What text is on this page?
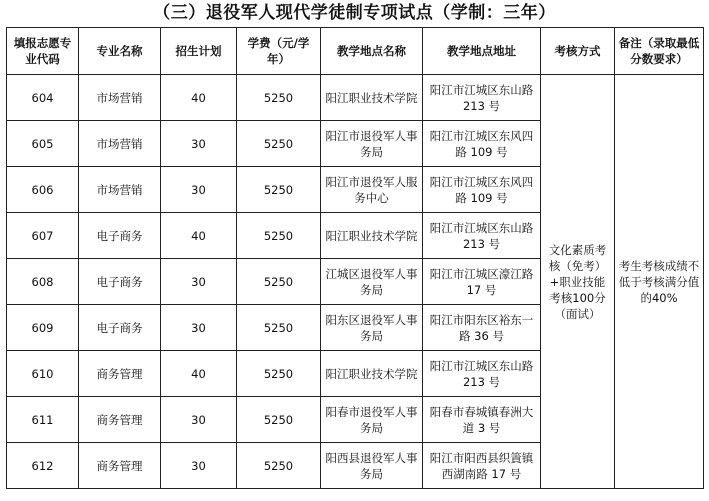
（三）退役军人现代学徒制专项试点（学制：三年）
填报志愿专业代码	专业名称	招生计划	学费（元/学年）	教学地点名称	教学地点地址	考核方式	备注（录取最低分数要求）
604	市场营销	40	5250	阳江职业技术学院	阳江市江城区东山路 213 号	文化素质考核（免考）+职业技能考核100分（面试）	考生考核成绩不低于考核满分值的40%
605	市场营销	30	5250	阳江市退役军人事务局	阳江市江城区东风四路 109 号		
606	市场营销	30	5250	阳江市退役军人服务中心	阳江市江城区东风四路 109 号		
607	电子商务	40	5250	阳江职业技术学院	阳江市江城区东山路 213 号		
608	电子商务	30	5250	江城区退役军人事务局	阳江市江城区濠江路 17 号		
609	电子商务	30	5250	阳东区退役军人事务局	阳江市阳东区裕东一路 36 号		
610	商务管理	40	5250	阳江职业技术学院	阳江市江城区东山路 213 号		
611	商务管理	30	5250	阳春市退役军人事务局	阳春市春城镇春洲大道 3 号		
612	商务管理	30	5250	阳西县退役军人事务局	阳江市阳西县织篢镇西湖南路 17 号		
